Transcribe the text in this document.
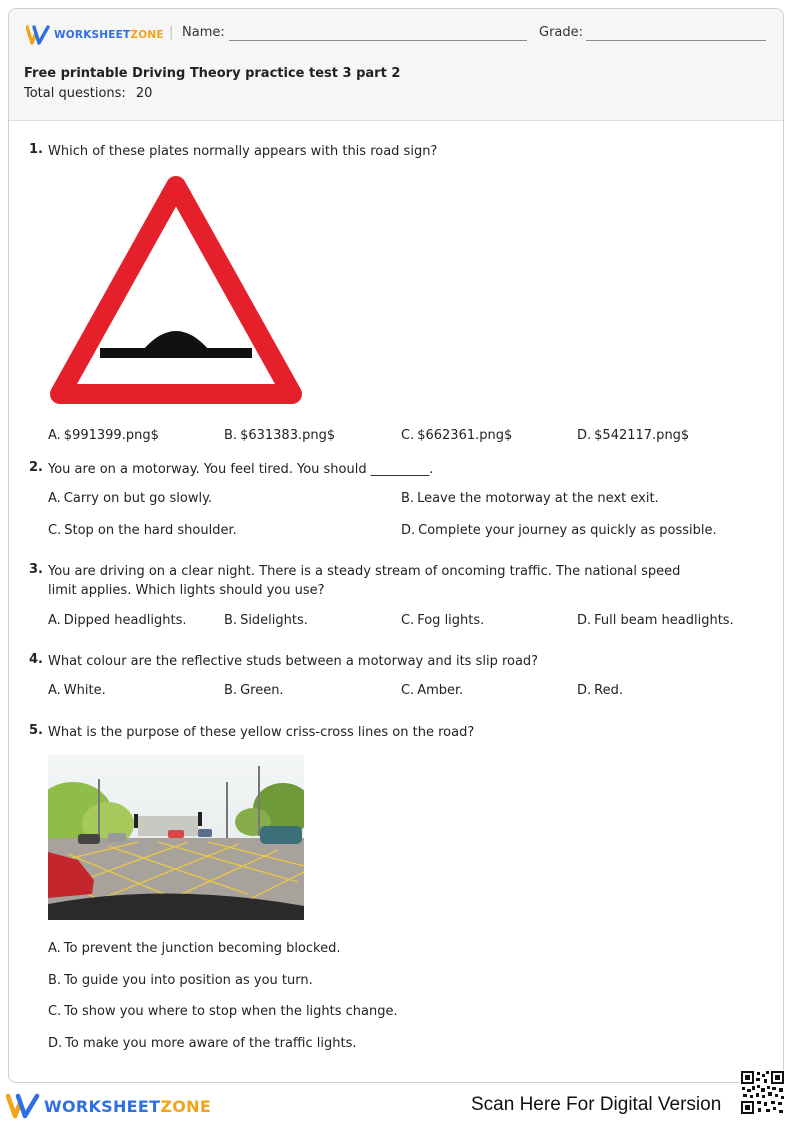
WORKSHEETZONE | Name:	Grade:
Free printable Driving Theory practice test 3 part 2
Total questions: 20
1. Which of these plates normally appears with this road sign?
A. $991399.png$	B. $631383.png$	C. $662361.png$	D. $542117.png$
2. You are on a motorway. You feel tired. You should _________.
A. Carry on but go slowly.	B. Leave the motorway at the next exit.
C. Stop on the hard shoulder.	D. Complete your journey as quickly as possible.
3. You are driving on a clear night. There is a steady stream of oncoming traffic. The national speed limit applies. Which lights should you use?
A. Dipped headlights.	B. Sidelights.	C. Fog lights.	D. Full beam headlights.
4. What colour are the reflective studs between a motorway and its slip road?
A. White.	B. Green.	C. Amber.	D. Red.
5. What is the purpose of these yellow criss-cross lines on the road?
A. To prevent the junction becoming blocked.
B. To guide you into position as you turn.
C. To show you where to stop when the lights change.
D. To make you more aware of the traffic lights.
WORKSHEETZONE	Scan Here For Digital Version
